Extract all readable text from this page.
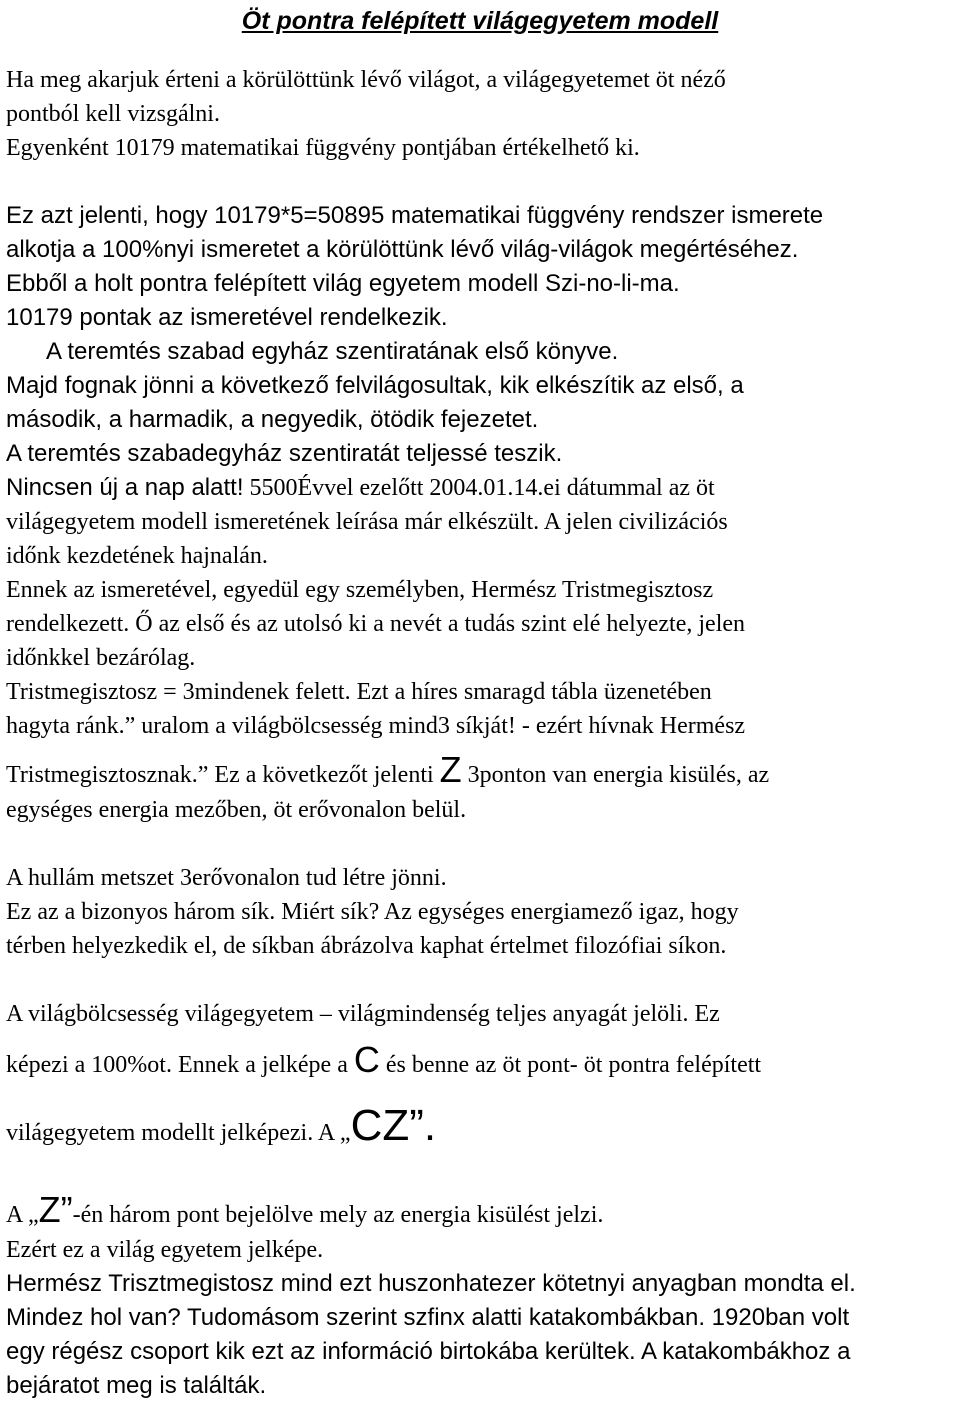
Öt pontra felépített világegyetem modell
Ha meg akarjuk érteni a körülöttünk lévő világot, a világegyetemet öt néző
pontból kell vizsgálni.
Egyenként 10179 matematikai függvény pontjában értékelhető ki.
Ez azt jelenti, hogy 10179*5=50895 matematikai függvény rendszer ismerete
alkotja a 100%nyi ismeretet a körülöttünk lévő világ-világok megértéséhez.
Ebből a holt pontra felépített világ egyetem modell Szi-no-li-ma.
10179 pontak az ismeretével rendelkezik.
A teremtés szabad egyház szentiratának első könyve.
Majd fognak jönni a következő felvilágosultak, kik elkészítik az első, a
második, a harmadik, a negyedik, ötödik fejezetet.
A teremtés szabadegyház szentiratát teljessé teszik.
Nincsen új a nap alatt! 5500Évvel ezelőtt 2004.01.14.ei dátummal az öt
világegyetem modell ismeretének leírása már elkészült. A jelen civilizációs
időnk kezdetének hajnalán.
Ennek az ismeretével, egyedül egy személyben, Hermész Tristmegisztosz
rendelkezett. Ő az első és az utolsó ki a nevét a tudás szint elé helyezte, jelen
időnkkel bezárólag.
Tristmegisztosz = 3mindenek felett. Ezt a híres smaragd tábla üzenetében
hagyta ránk.” uralom a világbölcsesség mind3 síkját! - ezért hívnak Hermész
Tristmegisztosznak.” Ez a következőt jelenti Z 3ponton van energia kisülés, az
egységes energia mezőben, öt erővonalon belül.
A hullám metszet 3erővonalon tud létre jönni.
Ez az a bizonyos három sík. Miért sík? Az egységes energiamező igaz, hogy
térben helyezkedik el, de síkban ábrázolva kaphat értelmet filozófiai síkon.
A világbölcsesség világegyetem – világmindenség teljes anyagát jelöli. Ez
képezi a 100%ot. Ennek a jelképe a C és benne az öt pont- öt pontra felépített
világegyetem modellt jelképezi. A „CZ”.
A „Z”-én három pont bejelölve mely az energia kisülést jelzi.
Ezért ez a világ egyetem jelképe.
Hermész Trisztmegistosz mind ezt huszonhatezer kötetnyi anyagban mondta el.
Mindez hol van? Tudomásom szerint szfinx alatti katakombákban. 1920ban volt
egy régész csoport kik ezt az információ birtokába kerültek. A katakombákhoz a
bejáratot meg is találták.
